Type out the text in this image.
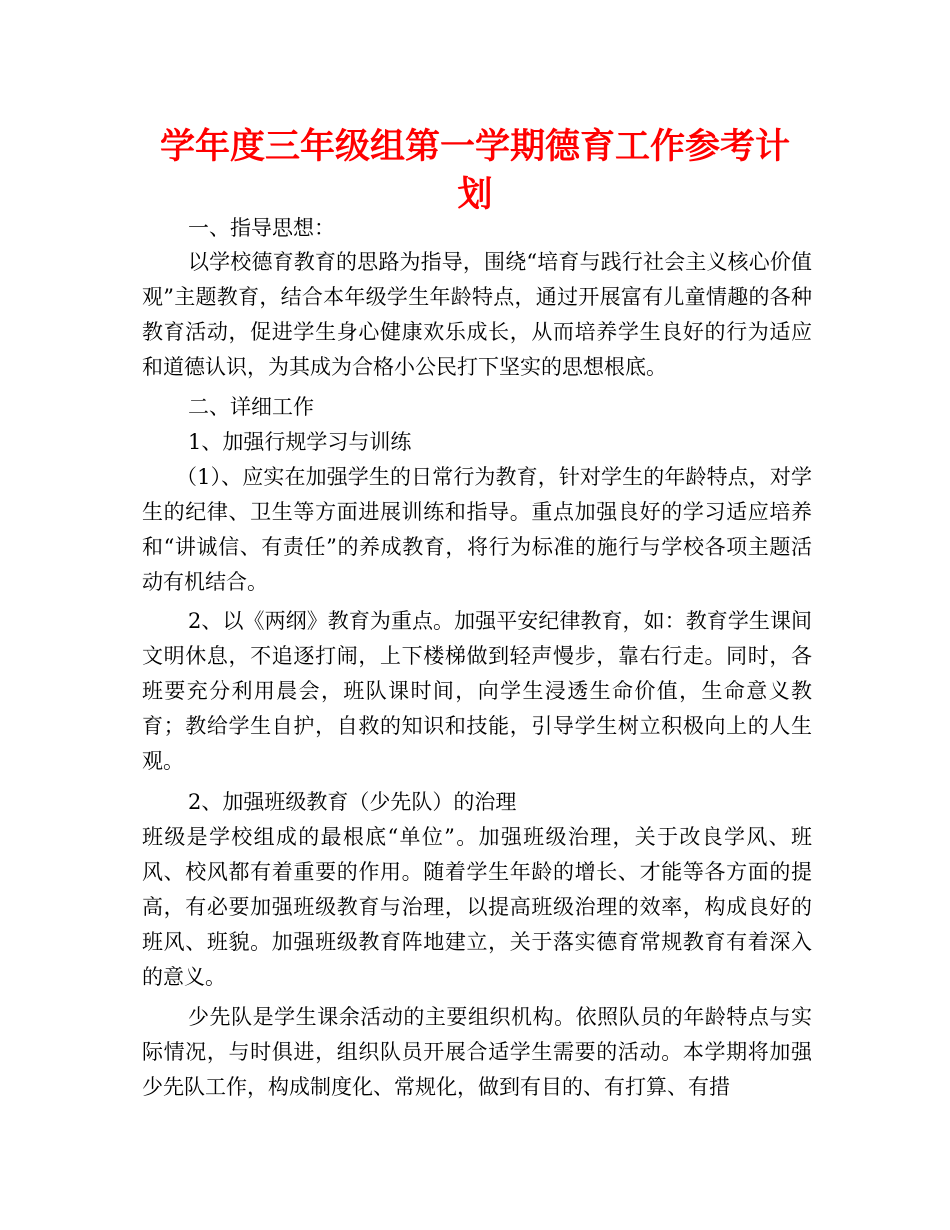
学年度三年级组第一学期德育工作参考计
划

一、指导思想：

以学校德育教育的思路为指导，围绕“培育与践行社会主义核心价值观”主题教育，结合本年级学生年龄特点，通过开展富有儿童情趣的各种教育活动，促进学生身心健康欢乐成长，从而培养学生良好的行为适应和道德认识，为其成为合格小公民打下坚实的思想根底。

二、详细工作

1、加强行规学习与训练

（1）、应实在加强学生的日常行为教育，针对学生的年龄特点，对学生的纪律、卫生等方面进展训练和指导。重点加强良好的学习适应培养和“讲诚信、有责任”的养成教育，将行为标准的施行与学校各项主题活动有机结合。

2、以《两纲》教育为重点。加强平安纪律教育，如：教育学生课间文明休息，不追逐打闹，上下楼梯做到轻声慢步，靠右行走。同时，各班要充分利用晨会，班队课时间，向学生浸透生命价值，生命意义教育；教给学生自护，自救的知识和技能，引导学生树立积极向上的人生观。

2、加强班级教育（少先队）的治理

班级是学校组成的最根底“单位”。加强班级治理，关于改良学风、班风、校风都有着重要的作用。随着学生年龄的增长、才能等各方面的提高，有必要加强班级教育与治理，以提高班级治理的效率，构成良好的班风、班貌。加强班级教育阵地建立，关于落实德育常规教育有着深入的意义。

少先队是学生课余活动的主要组织机构。依照队员的年龄特点与实际情况，与时俱进，组织队员开展合适学生需要的活动。本学期将加强少先队工作，构成制度化、常规化，做到有目的、有打算、有措
